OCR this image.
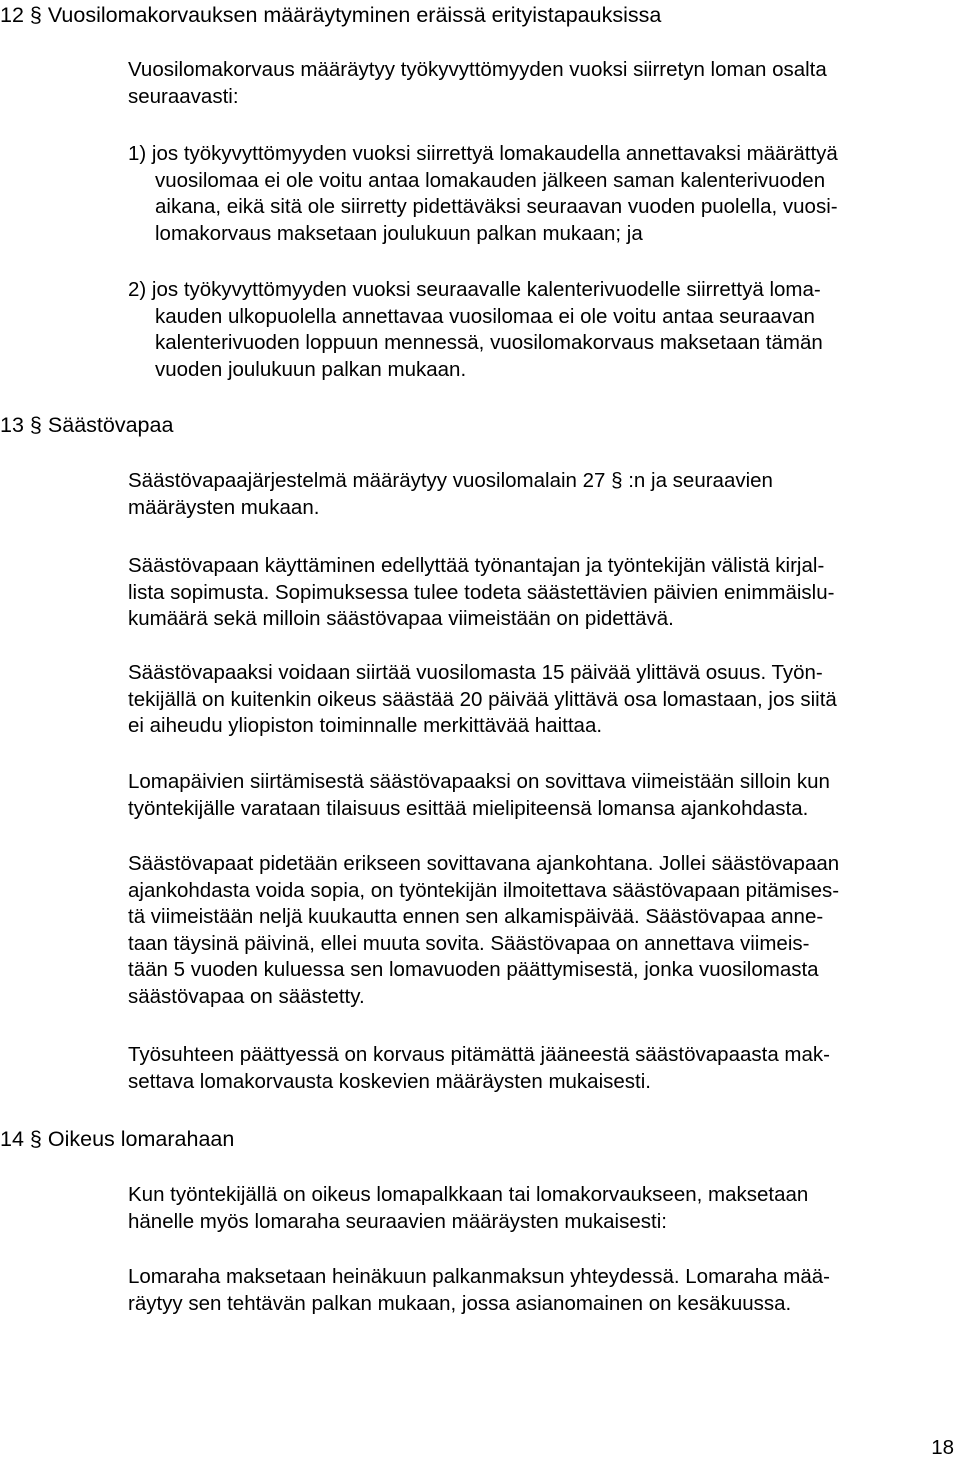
12 § Vuosilomakorvauksen määräytyminen eräissä erityistapauksissa
Vuosilomakorvaus määräytyy työkyvyttömyyden vuoksi siirretyn loman osalta
seuraavasti:
1) jos työkyvyttömyyden vuoksi siirrettyä lomakaudella annettavaksi määrättyä
vuosilomaa ei ole voitu antaa lomakauden jälkeen saman kalenterivuoden
aikana, eikä sitä ole siirretty pidettäväksi seuraavan vuoden puolella, vuosi-
lomakorvaus maksetaan joulukuun palkan mukaan; ja
2) jos työkyvyttömyyden vuoksi seuraavalle kalenterivuodelle siirrettyä loma-
kauden ulkopuolella annettavaa vuosilomaa ei ole voitu antaa seuraavan
kalenterivuoden loppuun mennessä, vuosilomakorvaus maksetaan tämän
vuoden joulukuun palkan mukaan.
13 § Säästövapaa
Säästövapaajärjestelmä määräytyy vuosilomalain 27 § :n ja seuraavien
määräysten mukaan.
Säästövapaan käyttäminen edellyttää työnantajan ja työntekijän välistä kirjal-
lista sopimusta. Sopimuksessa tulee todeta säästettävien päivien enimmäislu-
kumäärä sekä milloin säästövapaa viimeistään on pidettävä.
Säästövapaaksi voidaan siirtää vuosilomasta 15 päivää ylittävä osuus. Työn-
tekijällä on kuitenkin oikeus säästää 20 päivää ylittävä osa lomastaan, jos siitä
ei aiheudu yliopiston toiminnalle merkittävää haittaa.
Lomapäivien siirtämisestä säästövapaaksi on sovittava viimeistään silloin kun
työntekijälle varataan tilaisuus esittää mielipiteensä lomansa ajankohdasta.
Säästövapaat pidetään erikseen sovittavana ajankohtana. Jollei säästövapaan
ajankohdasta voida sopia, on työntekijän ilmoitettava säästövapaan pitämises-
tä viimeistään neljä kuukautta ennen sen alkamispäivää. Säästövapaa anne-
taan täysinä päivinä, ellei muuta sovita. Säästövapaa on annettava viimeis-
tään 5 vuoden kuluessa sen lomavuoden päättymisestä, jonka vuosilomasta
säästövapaa on säästetty.
Työsuhteen päättyessä on korvaus pitämättä jääneestä säästövapaasta mak-
settava lomakorvausta koskevien määräysten mukaisesti.
14 § Oikeus lomarahaan
Kun työntekijällä on oikeus lomapalkkaan tai lomakorvaukseen, maksetaan
hänelle myös lomaraha seuraavien määräysten mukaisesti:
Lomaraha maksetaan heinäkuun palkanmaksun yhteydessä. Lomaraha mää-
räytyy sen tehtävän palkan mukaan, jossa asianomainen on kesäkuussa.
18
